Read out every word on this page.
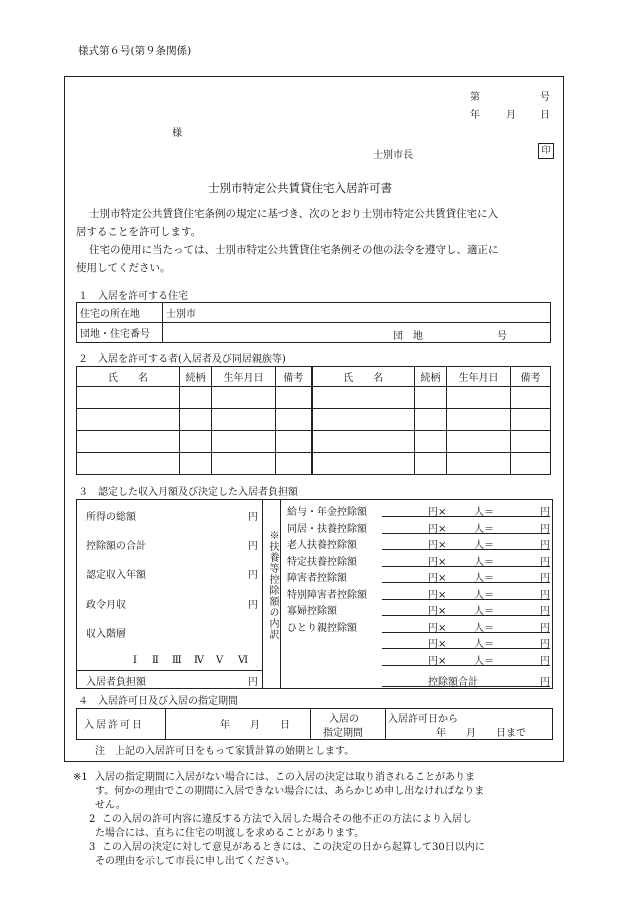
様式第６号(第９条関係)
第	号
年	月 日
様
士別市長	印
士別市特定公共賃貸住宅入居許可書
士別市特定公共賃貸住宅条例の規定に基づき、次のとおり士別市特定公共賃貸住宅に入
居することを許可します。
住宅の使用に当たっては、士別市特定公共賃貸住宅条例その他の法令を遵守し、適正に
使用してください。
１　入居を許可する住宅
住宅の所在地	士別市
団地・住宅番号	団　地 号
２　入居を許可する者(入居者及び同居親族等)
氏　　名	続柄	生年月日	備考	氏　　名	続柄	生年月日	備考

３　認定した収入月額及び決定した入居者負担額
所得の総額	円
控除額の合計	円
認定収入年額	円
政令月収	円
収入階層
Ⅰ Ⅱ Ⅲ Ⅳ Ⅴ Ⅵ
入居者負担額	円
※扶養等控除額の内訳
給与・年金控除額	円×	人＝	円
同居・扶養控除額	円×	人＝	円
老人扶養控除額	円×	人＝	円
特定扶養控除額	円×	人＝	円
障害者控除額	円×	人＝	円
特別障害者控除額	円×	人＝	円
寡婦控除額	円×	人＝	円
ひとり親控除額	円×	人＝	円
円×	人＝	円
円×	人＝	円
控除額合計	円
４　入居許可日及び入居の指定期間
入居許可日	年　　月　　日
入居の
指定期間
入居許可日から
年　　月　　日まで
注　上記の入居許可日をもって家賃計算の始期とします。
※1 入居の指定期間に入居がない場合には、この入居の決定は取り消されることがありま
す。何かの理由でこの期間に入居できない場合には、あらかじめ申し出なければなりま
せん。
2 この入居の許可内容に違反する方法で入居した場合その他不正の方法により入居し
た場合には、直ちに住宅の明渡しを求めることがあります。
3 この入居の決定に対して意見があるときには、この決定の日から起算して30日以内に
その理由を示して市長に申し出てください。
